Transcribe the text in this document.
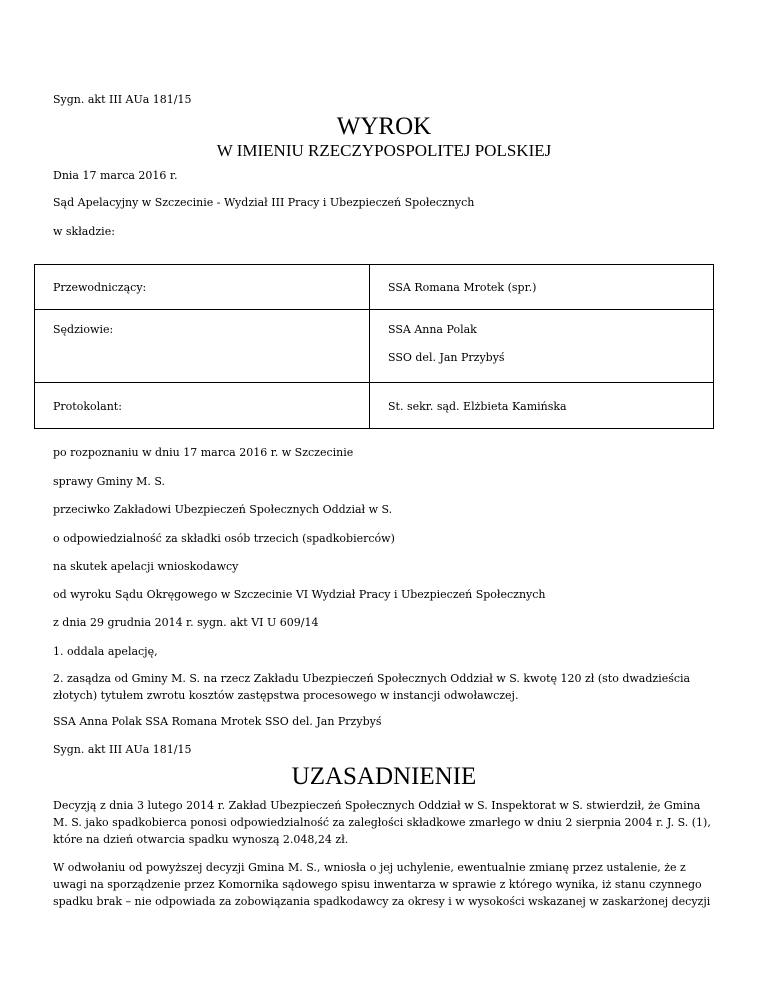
Sygn. akt III AUa 181/15
WYROK
W IMIENIU RZECZYPOSPOLITEJ POLSKIEJ
Dnia 17 marca 2016 r.
Sąd Apelacyjny w Szczecinie - Wydział III Pracy i Ubezpieczeń Społecznych
w składzie:
Przewodniczący:	SSA Romana Mrotek (spr.)

Sędziowie:	SSA Anna Polak
SSO del. Jan Przybyś

Protokolant:	St. sekr. sąd. Elżbieta Kamińska
po rozpoznaniu w dniu 17 marca 2016 r. w Szczecinie
sprawy Gminy M. S.
przeciwko Zakładowi Ubezpieczeń Społecznych Oddział w S.
o odpowiedzialność za składki osób trzecich (spadkobierców)
na skutek apelacji wnioskodawcy
od wyroku Sądu Okręgowego w Szczecinie VI Wydział Pracy i Ubezpieczeń Społecznych
z dnia 29 grudnia 2014 r. sygn. akt VI U 609/14
1. oddala apelację,
2. zasądza od Gminy M. S. na rzecz Zakładu Ubezpieczeń Społecznych Oddział w S. kwotę 120 zł (sto dwadzieścia złotych) tytułem zwrotu kosztów zastępstwa procesowego w instancji odwoławczej.
SSA Anna Polak SSA Romana Mrotek SSO del. Jan Przybyś
Sygn. akt III AUa 181/15
UZASADNIENIE
Decyzją z dnia 3 lutego 2014 r. Zakład Ubezpieczeń Społecznych Oddział w S. Inspektorat w S. stwierdził, że Gmina M. S. jako spadkobierca ponosi odpowiedzialność za zaległości składkowe zmarłego w dniu 2 sierpnia 2004 r. J. S. (1), które na dzień otwarcia spadku wynoszą 2.048,24 zł.
W odwołaniu od powyższej decyzji Gmina M. S., wniosła o jej uchylenie, ewentualnie zmianę przez ustalenie, że z uwagi na sporządzenie przez Komornika sądowego spisu inwentarza w sprawie z którego wynika, iż stanu czynnego spadku brak – nie odpowiada za zobowiązania spadkodawcy za okresy i w wysokości wskazanej w zaskarżonej decyzji
